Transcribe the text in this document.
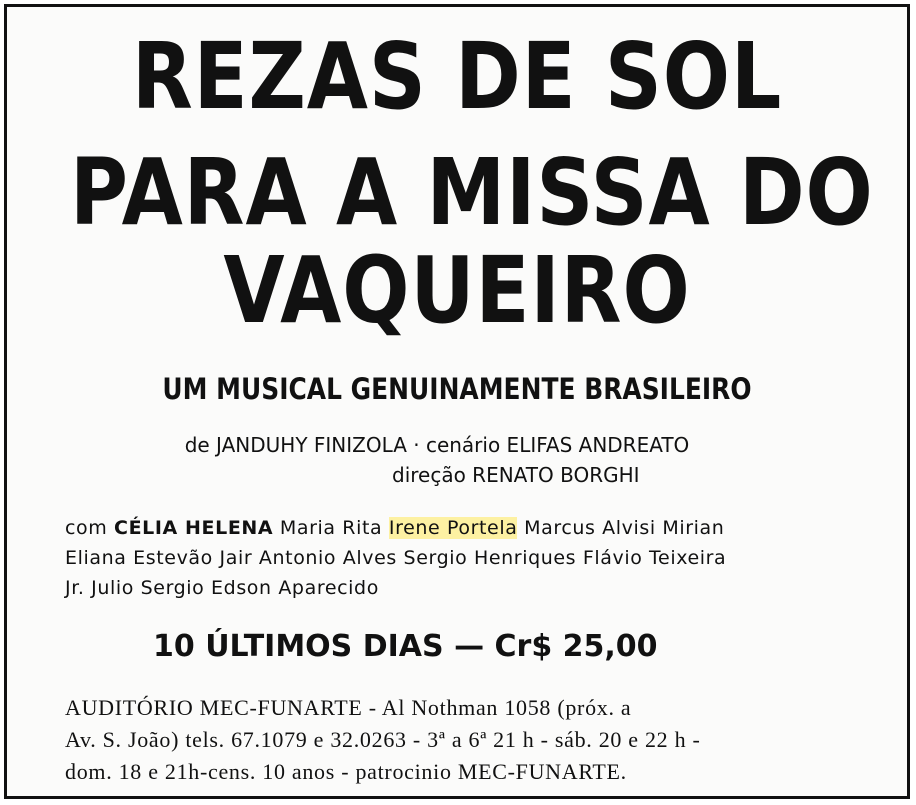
REZAS DE SOL
PARA A MISSA DO
VAQUEIRO
UM MUSICAL GENUINAMENTE BRASILEIRO
de JANDUHY FINIZOLA · cenário ELIFAS ANDREATO
direção RENATO BORGHI
com CÉLIA HELENA Maria Rita Irene Portela Marcus Alvisi Mirian
Eliana Estevão Jair Antonio Alves Sergio Henriques Flávio Teixeira
Jr. Julio Sergio Edson Aparecido
10 ÚLTIMOS DIAS — Cr$ 25,00
AUDITÓRIO MEC-FUNARTE - Al Nothman 1058 (próx. a
Av. S. João) tels. 67.1079 e 32.0263 - 3ª a 6ª 21 h - sáb. 20 e 22 h -
dom. 18 e 21h-cens. 10 anos - patrocinio MEC-FUNARTE.
